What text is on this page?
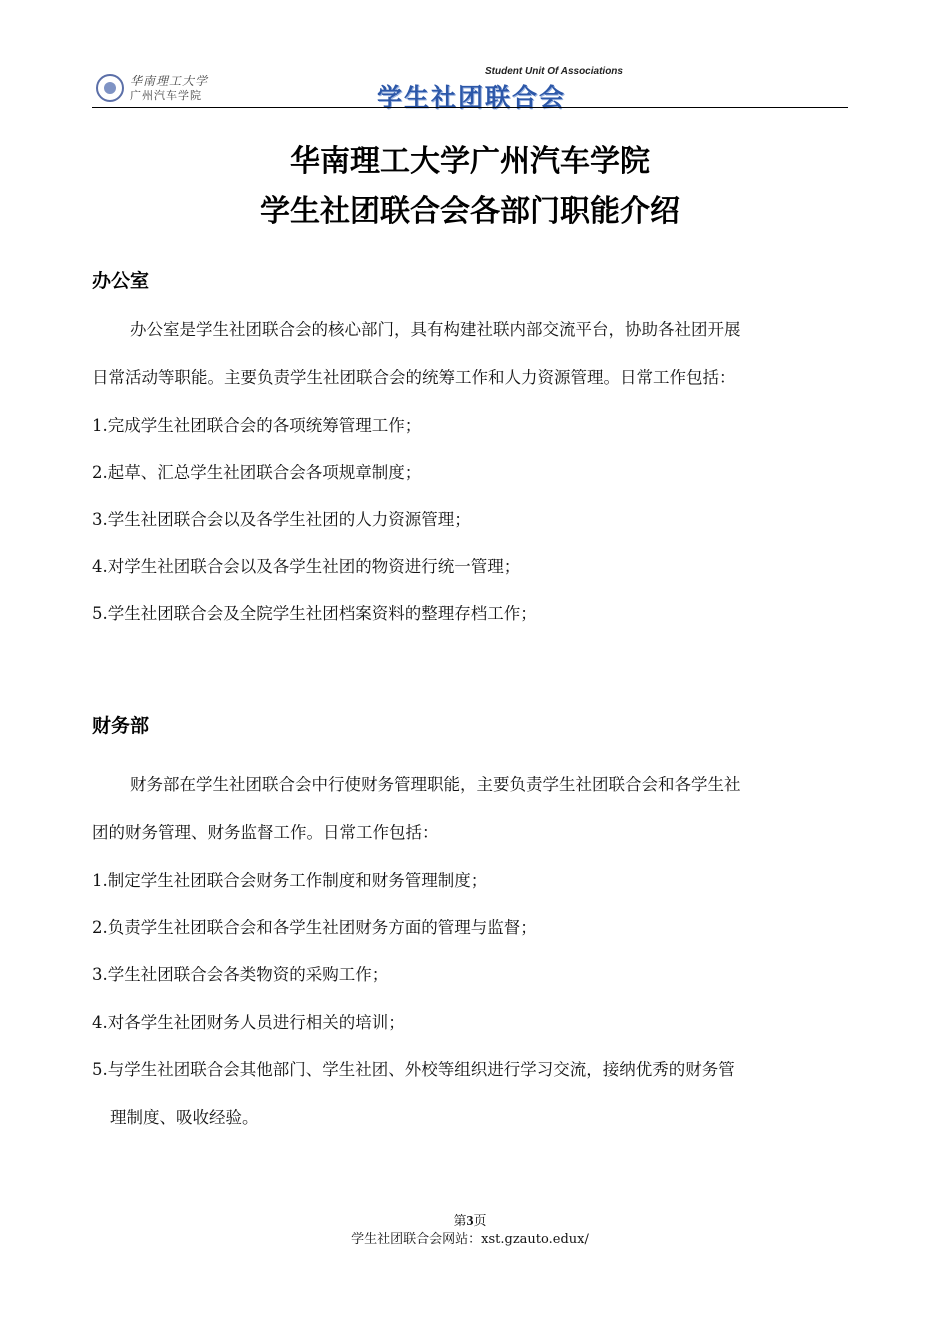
华南理工大学
广州汽车学院
Student Unit Of Associations
学生社团联合会
华南理工大学广州汽车学院
学生社团联合会各部门职能介绍
办公室
办公室是学生社团联合会的核心部门，具有构建社联内部交流平台，协助各社团开展
日常活动等职能。主要负责学生社团联合会的统筹工作和人力资源管理。日常工作包括：
1.完成学生社团联合会的各项统筹管理工作；
2.起草、汇总学生社团联合会各项规章制度；
3.学生社团联合会以及各学生社团的人力资源管理；
4.对学生社团联合会以及各学生社团的物资进行统一管理；
5.学生社团联合会及全院学生社团档案资料的整理存档工作；
财务部
财务部在学生社团联合会中行使财务管理职能，主要负责学生社团联合会和各学生社
团的财务管理、财务监督工作。日常工作包括：
1.制定学生社团联合会财务工作制度和财务管理制度；
2.负责学生社团联合会和各学生社团财务方面的管理与监督；
3.学生社团联合会各类物资的采购工作；
4.对各学生社团财务人员进行相关的培训；
5.与学生社团联合会其他部门、学生社团、外校等组织进行学习交流，接纳优秀的财务管
理制度、吸收经验。
第3页
学生社团联合会网站：xst.gzauto.edux/
